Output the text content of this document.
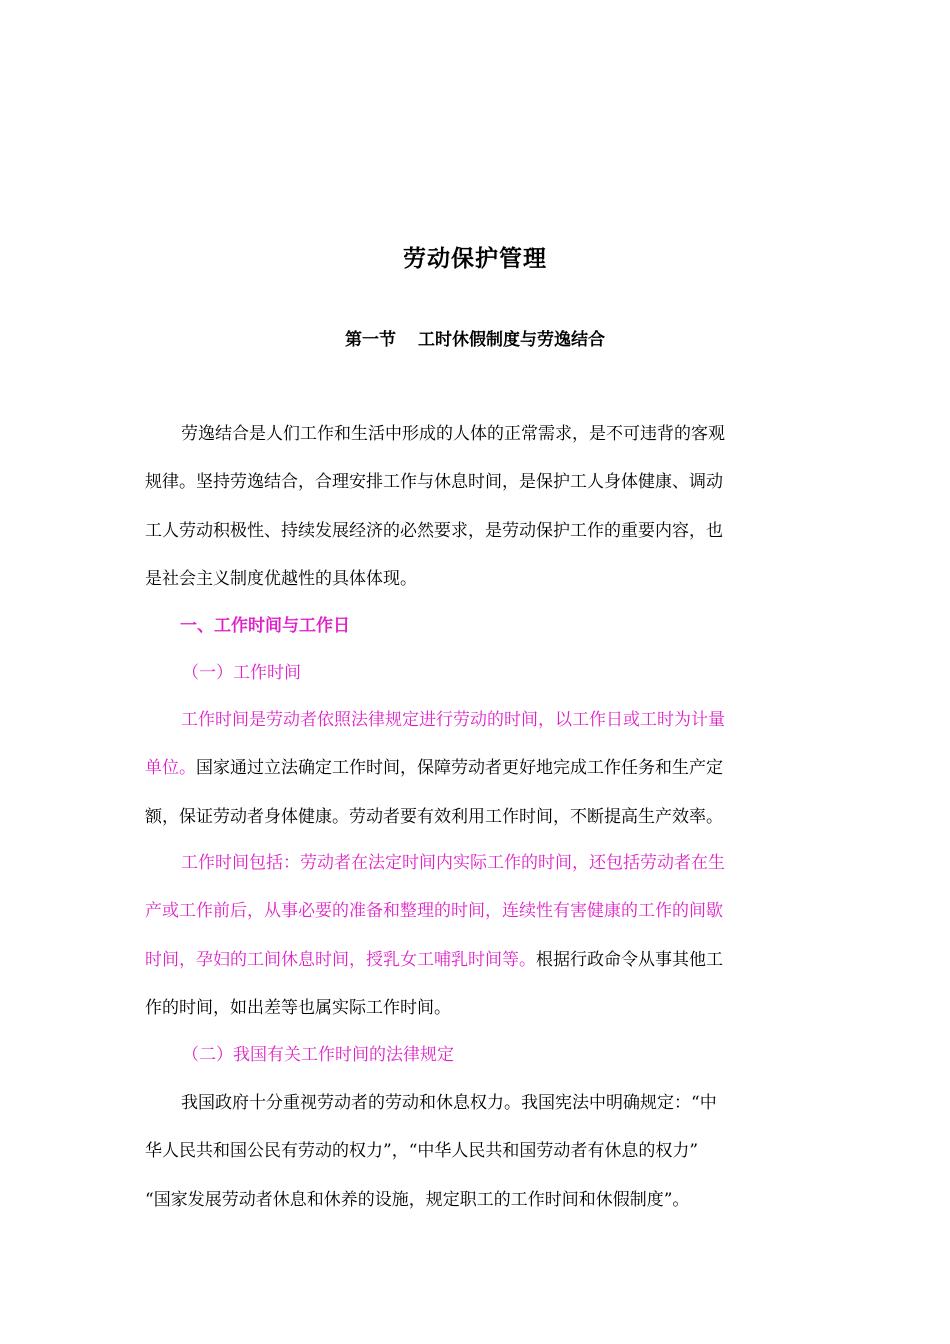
劳动保护管理
第一节 工时休假制度与劳逸结合
劳逸结合是人们工作和生活中形成的人体的正常需求，是不可违背的客观
规律。坚持劳逸结合，合理安排工作与休息时间，是保护工人身体健康、调动
工人劳动积极性、持续发展经济的必然要求，是劳动保护工作的重要内容，也
是社会主义制度优越性的具体体现。
一、工作时间与工作日
（一）工作时间
工作时间是劳动者依照法律规定进行劳动的时间，以工作日或工时为计量
单位。国家通过立法确定工作时间，保障劳动者更好地完成工作任务和生产定
额，保证劳动者身体健康。劳动者要有效利用工作时间，不断提高生产效率。
工作时间包括：劳动者在法定时间内实际工作的时间，还包括劳动者在生
产或工作前后，从事必要的准备和整理的时间，连续性有害健康的工作的间歇
时间，孕妇的工间休息时间，授乳女工哺乳时间等。根据行政命令从事其他工
作的时间，如出差等也属实际工作时间。
（二）我国有关工作时间的法律规定
我国政府十分重视劳动者的劳动和休息权力。我国宪法中明确规定：“中
华人民共和国公民有劳动的权力”，“中华人民共和国劳动者有休息的权力”
“国家发展劳动者休息和休养的设施，规定职工的工作时间和休假制度”。
